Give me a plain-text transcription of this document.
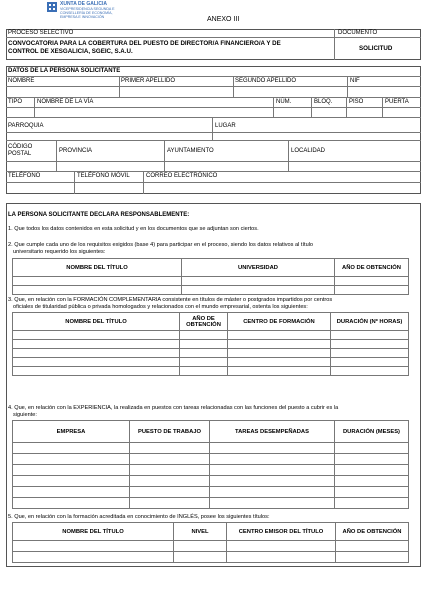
XUNTA DE GALICIA
VICEPRESIDENCIA SEGUNDA E
CONSELLERÍA DE ECONOMÍA,
EMPRESA E INNOVACIÓN	ANEXO III
PROCESO SELECTIVO	DOCUMENTO
CONVOCATORIA PARA LA COBERTURA DEL PUESTO DE DIRECTOR/A FINANCIERO/A Y DE
CONTROL DE XESGALICIA, SGEIC, S.A.U.	SOLICITUD
DATOS DE LA PERSONA SOLICITANTE
NOMBRE	PRIMER APELLIDO	SEGUNDO APELLIDO	NIF
TIPO NOMBRE DE LA VÍA	NÚM.	BLOQ.	PISO	PUERTA
PARROQUIA	LUGAR
CÓDIGO
POSTAL	PROVINCIA	AYUNTAMIENTO	LOCALIDAD
TELÉFONO	TELÉFONO MÓVIL	CORREO ELECTRÓNICO
LA PERSONA SOLICITANTE DECLARA RESPONSABLEMENTE:
1. Que todos los datos contenidos en esta solicitud y en los documentos que se adjuntan son ciertos.
2. Que cumple cada uno de los requisitos exigidos (base 4) para participar en el proceso, siendo los datos relativos al título
universitario requerido los siguientes:
NOMBRE DEL TÍTULO	UNIVERSIDAD	AÑO DE OBTENCIÓN

3. Que, en relación con la FORMACIÓN COMPLEMENTARIA consistente en títulos de máster o postgrados impartidos por centros
oficiales de titularidad pública o privada homologados y relacionados con el mundo empresarial, ostenta los siguientes:
NOMBRE DEL TÍTULO	AÑO DE OBTENCIÓN	CENTRO DE FORMACIÓN	DURACIÓN (Nº HORAS)

4. Que, en relación con la EXPERIENCIA, la realizada en puestos con tareas relacionadas con las funciones del puesto a cubrir es la
siguiente:
EMPRESA	PUESTO DE TRABAJO	TAREAS DESEMPEÑADAS	DURACIÓN (MESES)

5. Que, en relación con la formación acreditada en conocimiento de INGLÉS, posee los siguientes títulos:
NOMBRE DEL TÍTULO	NIVEL	CENTRO EMISOR DEL TÍTULO	AÑO DE OBTENCIÓN
